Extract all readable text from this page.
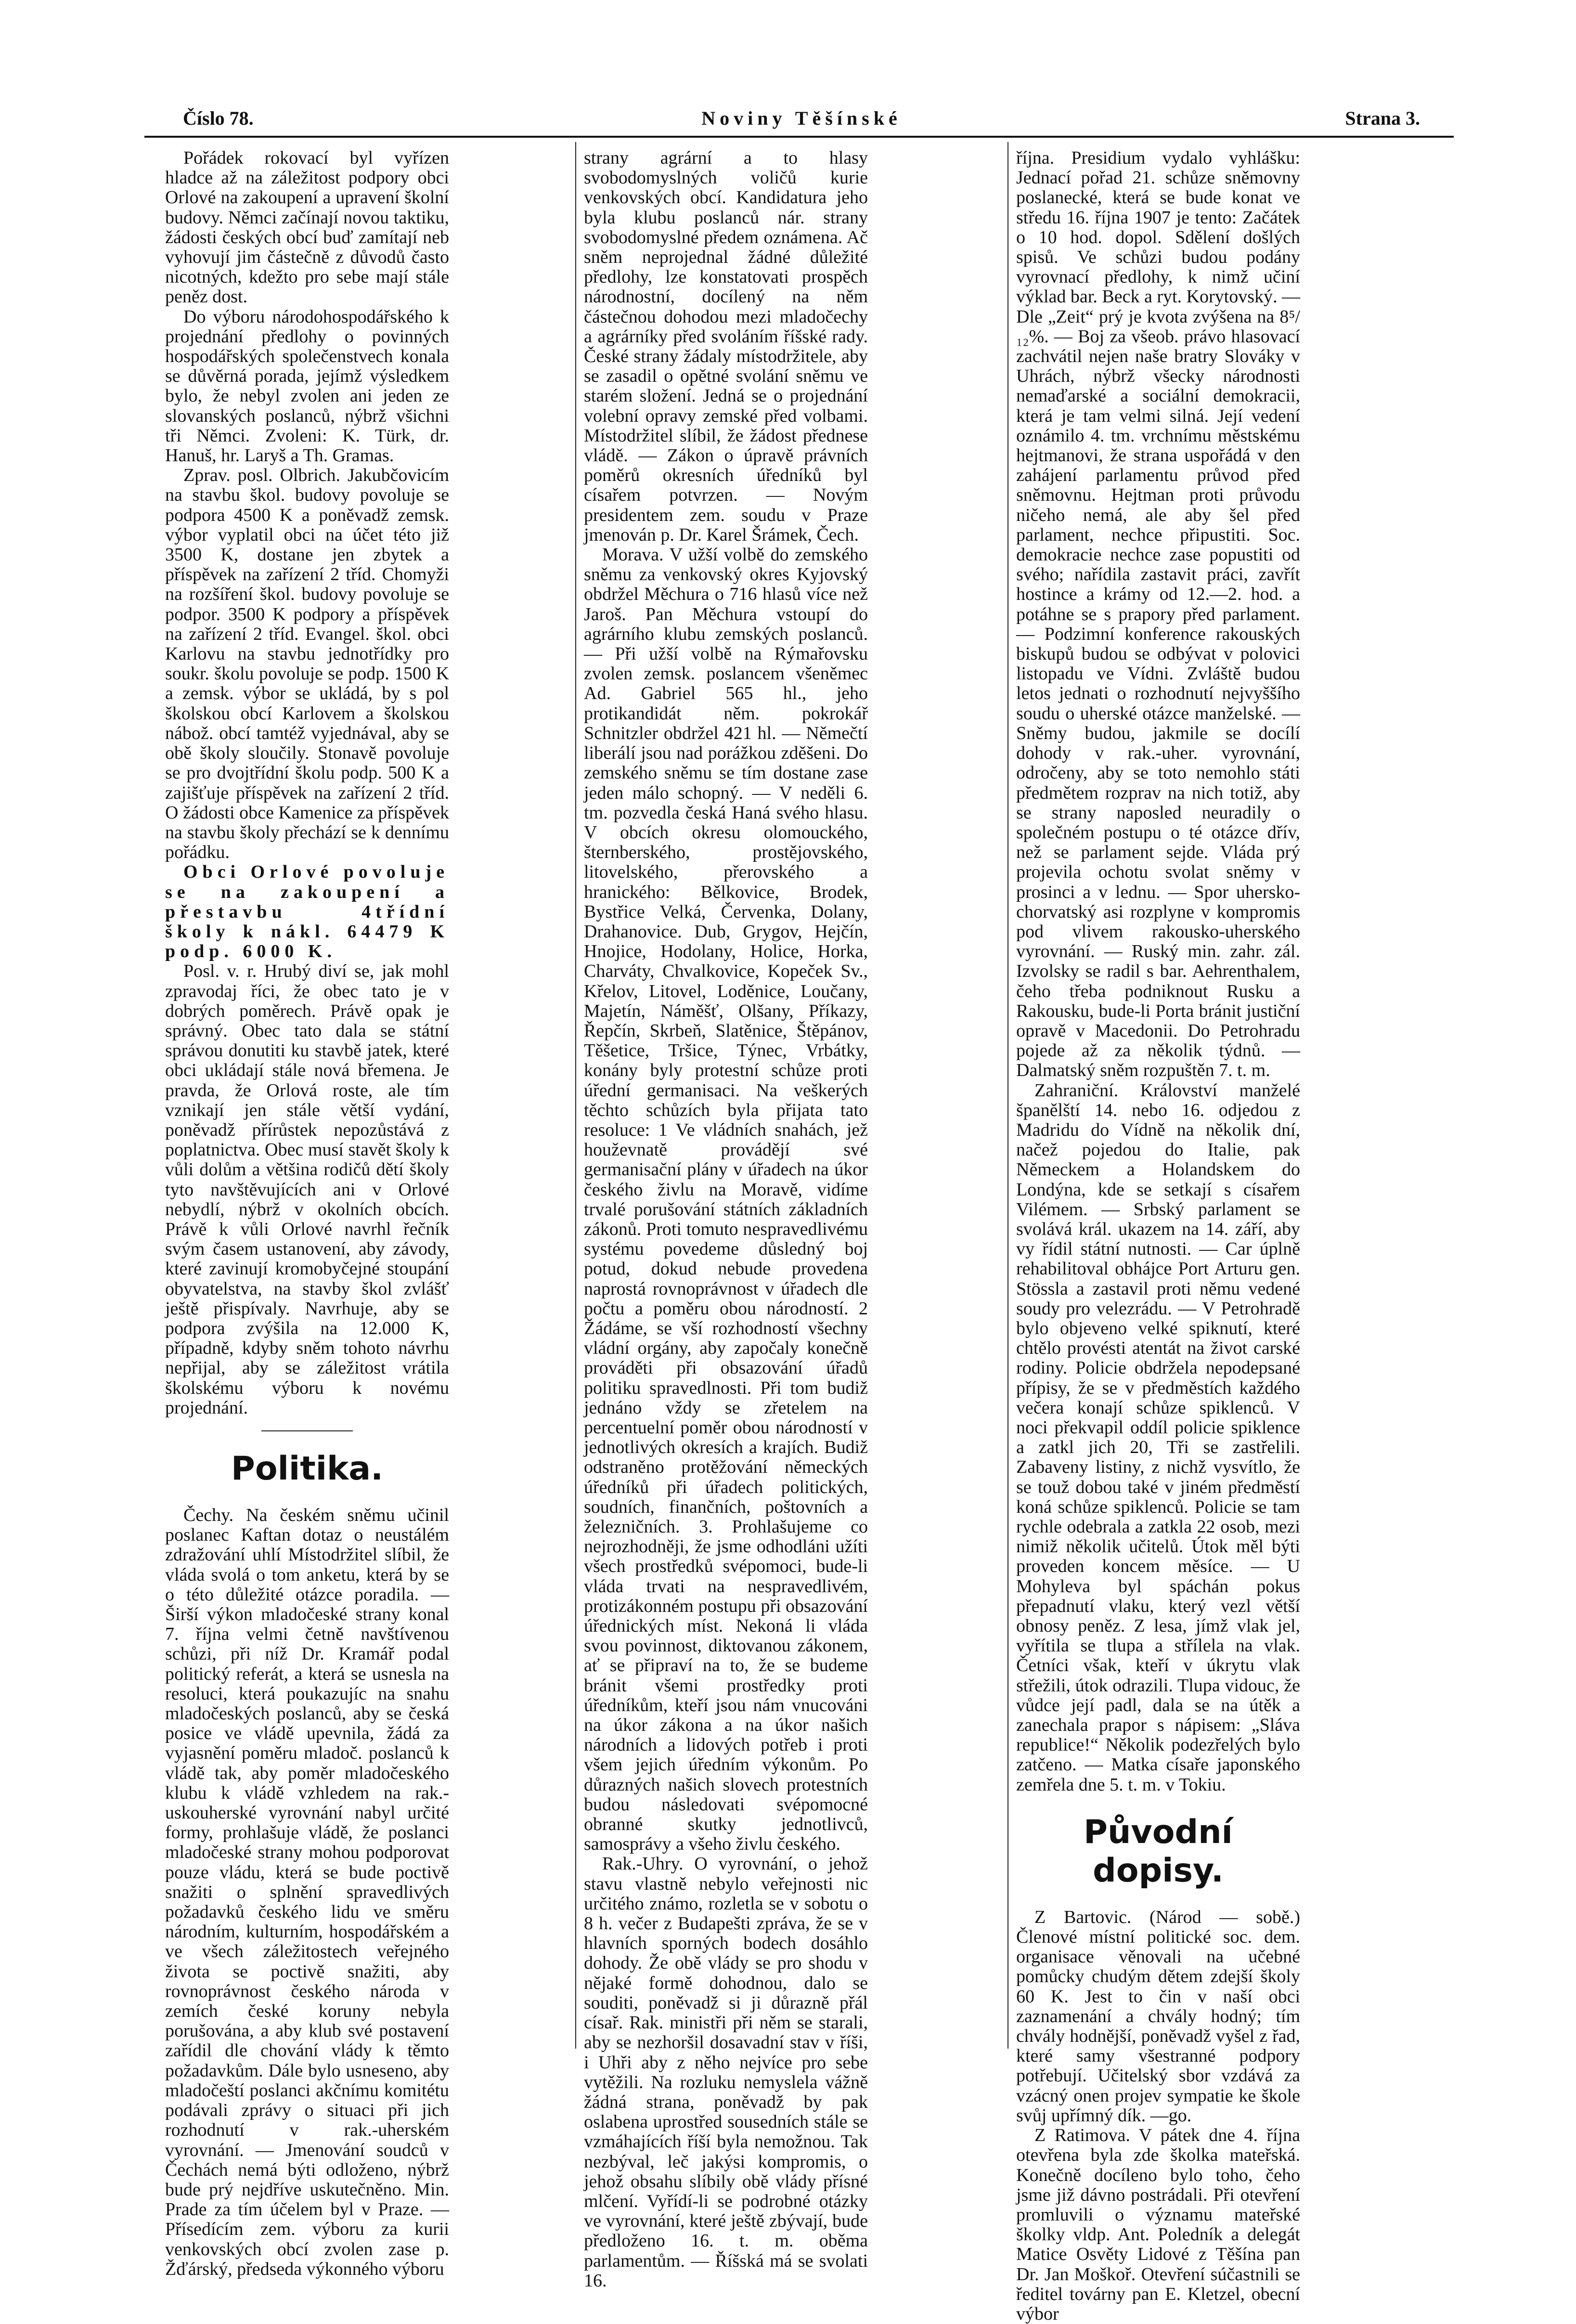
Číslo 78.	Noviny Těšínské	Strana 3.

Pořádek rokovací byl vyřízen hladce až na záležitost podpory obci Orlové na zakoupení a upravení školní budovy. Němci začínají novou taktiku, žádosti českých obcí buď zamítají neb vyhovují jim částečně z důvodů často nicotných, kdežto pro sebe mají stále peněz dost.

Do výboru národohospodářského k projednání předlohy o povinných hospodářských společenstvech konala se důvěrná porada, jejímž výsledkem bylo, že nebyl zvolen ani jeden ze slovanských poslanců, nýbrž všichni tři Němci. Zvoleni: K. Türk, dr. Hanuš, hr. Laryš a Th. Gramas.

Zprav. posl. Olbrich. Jakubčovicím na stavbu škol. budovy povoluje se podpora 4500 K a poněvadž zemsk. výbor vyplatil obci na účet této již 3500 K, dostane jen zbytek a příspěvek na zařízení 2 tříd. Chomyži na rozšíření škol. budovy povoluje se podpor. 3500 K podpory a příspěvek na zařízení 2 tříd. Evangel. škol. obci Karlovu na stavbu jednotřídky pro soukr. školu povoluje se podp. 1500 K a zemsk. výbor se ukládá, by s pol školskou obcí Karlovem a školskou nábož. obcí tamtéž vyjednával, aby se obě školy sloučily. Stonavě povoluje se pro dvojtřídní školu podp. 500 K a zajišťuje příspěvek na zařízení 2 tříd. O žádosti obce Kamenice za příspěvek na stavbu školy přechází se k dennímu pořádku.

Obci Orlové povoluje se na zakoupení a přestavbu 4třídní školy k nákl. 64479 K podp. 6000 K.

Posl. v. r. Hrubý diví se, jak mohl zpravodaj říci, že obec tato je v dobrých poměrech. Právě opak je správný. Obec tato dala se státní správou donutiti ku stavbě jatek, které obci ukládají stále nová břemena. Je pravda, že Orlová roste, ale tím vznikají jen stále větší vydání, poněvadž přírůstek nepozůstává z poplatnictva. Obec musí stavět školy k vůli dolům a většina rodičů dětí školy tyto navštěvujících ani v Orlové nebydlí, nýbrž v okolních obcích. Právě k vůli Orlové navrhl řečník svým časem ustanovení, aby závody, které zavinují kromobyčejné stoupání obyvatelstva, na stavby škol zvlášť ještě přispívaly. Navrhuje, aby se podpora zvýšila na 12.000 K, případně, kdyby sněm tohoto návrhu nepřijal, aby se záležitost vrátila školskému výboru k novému projednání.

Politika.

Čechy. Na českém sněmu učinil poslanec Kaftan dotaz o neustálém zdražování uhlí Místodržitel slíbil, že vláda svolá o tom anketu, která by se o této důležité otázce poradila. — Širší výkon mladočeské strany konal 7. října velmi četně navštívenou schůzi, při níž Dr. Kramář podal politický referát, a která se usnesla na resoluci, která poukazujíc na snahu mladočeských poslanců, aby se česká posice ve vládě upevnila, žádá za vyjasnění poměru mladoč. poslanců k vládě tak, aby poměr mladočeského klubu k vládě vzhledem na rak.-uskouherské vyrovnání nabyl určité formy, prohlašuje vládě, že poslanci mladočeské strany mohou podporovat pouze vládu, která se bude poctivě snažiti o splnění spravedlivých požadavků českého lidu ve směru národním, kulturním, hospodářském a ve všech záležitostech veřejného života se poctivě snažiti, aby rovnoprávnost českého národa v zemích české koruny nebyla porušována, a aby klub své postavení zařídil dle chování vlády k těmto požadavkům. Dále bylo usneseno, aby mladočeští poslanci akčnímu komitétu podávali zprávy o situaci při jich rozhodnutí v rak.-uherském vyrovnání. — Jmenování soudců v Čechách nemá býti odloženo, nýbrž bude prý nejdříve uskutečněno. Min. Prade za tím účelem byl v Praze. — Přísedícím zem. výboru za kurii venkovských obcí zvolen zase p. Žďárský, předseda výkonného výboru

strany agrární a to hlasy svobodomyslných voličů kurie venkovských obcí. Kandidatura jeho byla klubu poslanců nár. strany svobodomyslné předem oznámena. Ač sněm neprojednal žádné důležité předlohy, lze konstatovati prospěch národnostní, docílený na něm částečnou dohodou mezi mladočechy a agrárníky před svoláním říšské rady. České strany žádaly místodržitele, aby se zasadil o opětné svolání sněmu ve starém složení. Jedná se o projednání volební opravy zemské před volbami. Místodržitel slíbil, že žádost přednese vládě. — Zákon o úpravě právních poměrů okresních úředníků byl císařem potvrzen. — Novým presidentem zem. soudu v Praze jmenován p. Dr. Karel Šrámek, Čech.

Morava. V užší volbě do zemského sněmu za venkovský okres Kyjovský obdržel Měchura o 716 hlasů více než Jaroš. Pan Měchura vstoupí do agrárního klubu zemských poslanců. — Při užší volbě na Rýmařovsku zvolen zemsk. poslancem všeněmec Ad. Gabriel 565 hl., jeho protikandidát něm. pokrokář Schnitzler obdržel 421 hl. — Němečtí liberálí jsou nad porážkou zděšeni. Do zemského sněmu se tím dostane zase jeden málo schopný. — V neděli 6. tm. pozvedla česká Haná svého hlasu. V obcích okresu olomouckého, šternberského, prostějovského, litovelského, přerovského a hranického: Bělkovice, Brodek, Bystřice Velká, Červenka, Dolany, Drahanovice. Dub, Grygov, Hejčín, Hnojice, Hodolany, Holice, Horka, Charváty, Chvalkovice, Kopeček Sv., Křelov, Litovel, Loděnice, Loučany, Majetín, Náměšť, Olšany, Příkazy, Řepčín, Skrbeň, Slatěnice, Štěpánov, Těšetice, Tršice, Týnec, Vrbátky, konány byly protestní schůze proti úřední germanisaci. Na veškerých těchto schůzích byla přijata tato resoluce: 1 Ve vládních snahách, jež houževnatě provádějí své germanisační plány v úřadech na úkor českého živlu na Moravě, vidíme trvalé porušování státních základních zákonů. Proti tomuto nespravedlivému systému povedeme důsledný boj potud, dokud nebude provedena naprostá rovnoprávnost v úřadech dle počtu a poměru obou národností. 2 Žádáme, se vší rozhodností všechny vládní orgány, aby započaly konečně prováděti při obsazování úřadů politiku spravedlnosti. Při tom budiž jednáno vždy se zřetelem na percentuelní poměr obou národností v jednotlivých okresích a krajích. Budiž odstraněno protěžování německých úředníků při úřadech politických, soudních, finančních, poštovních a železničních. 3. Prohlašujeme co nejrozhodněji, že jsme odhodláni užíti všech prostředků svépomoci, bude-li vláda trvati na nespravedlivém, protizákonném postupu při obsazování úřednických míst. Nekoná li vláda svou povinnost, diktovanou zákonem, ať se připraví na to, že se budeme bránit všemi prostředky proti úředníkům, kteří jsou nám vnucováni na úkor zákona a na úkor našich národních a lidových potřeb i proti všem jejich úředním výkonům. Po důrazných našich slovech protestních budou následovati svépomocné obranné skutky jednotlivců, samosprávy a všeho živlu českého.

Rak.-Uhry. O vyrovnání, o jehož stavu vlastně nebylo veřejnosti nic určitého známo, rozletla se v sobotu o 8 h. večer z Budapešti zpráva, že se v hlavních sporných bodech dosáhlo dohody. Že obě vlády se pro shodu v nějaké formě dohodnou, dalo se souditi, poněvadž si ji důrazně přál císař. Rak. ministři při něm se starali, aby se nezhoršil dosavadní stav v říši, i Uhři aby z něho nejvíce pro sebe vytěžili. Na rozluku nemyslela vážně žádná strana, poněvadž by pak oslabena uprostřed sousedních stále se vzmáhajících říší byla nemožnou. Tak nezbýval, leč jakýsi kompromis, o jehož obsahu slíbily obě vlády přísné mlčení. Vyřídí-li se podrobné otázky ve vyrovnání, které ještě zbývají, bude předloženo 16. t. m. oběma parlamentům. — Říšská má se svolati 16.

října. Presidium vydalo vyhlášku: Jednací pořad 21. schůze sněmovny poslanecké, která se bude konat ve středu 16. října 1907 je tento: Začátek o 10 hod. dopol. Sdělení došlých spisů. Ve schůzi budou podány vyrovnací předlohy, k nimž učiní výklad bar. Beck a ryt. Korytovský. — Dle „Zeit“ prý je kvota zvýšena na 8⁵/₁₂%. — Boj za všeob. právo hlasovací zachvátil nejen naše bratry Slováky v Uhrách, nýbrž všecky národnosti nemaďarské a sociální demokracii, která je tam velmi silná. Její vedení oznámilo 4. tm. vrchnímu městskému hejtmanovi, že strana uspořádá v den zahájení parlamentu průvod před sněmovnu. Hejtman proti průvodu ničeho nemá, ale aby šel před parlament, nechce připustiti. Soc. demokracie nechce zase popustiti od svého; nařídila zastavit práci, zavřít hostince a krámy od 12.—2. hod. a potáhne se s prapory před parlament. — Podzimní konference rakouských biskupů budou se odbývat v polovici listopadu ve Vídni. Zvláště budou letos jednati o rozhodnutí nejvyššího soudu o uherské otázce manželské. — Sněmy budou, jakmile se docílí dohody v rak.-uher. vyrovnání, odročeny, aby se toto nemohlo státi předmětem rozprav na nich totiž, aby se strany naposled neuradily o společném postupu o té otázce dřív, než se parlament sejde. Vláda prý projevila ochotu svolat sněmy v prosinci a v lednu. — Spor uhersko-chorvatský asi rozplyne v kompromis pod vlivem rakousko-uherského vyrovnání. — Ruský min. zahr. zál. Izvolsky se radil s bar. Aehrenthalem, čeho třeba podniknout Rusku a Rakousku, bude-li Porta bránit justiční opravě v Macedonii. Do Petrohradu pojede až za několik týdnů. — Dalmatský sněm rozpuštěn 7. t. m.

Zahraniční. Království manželé španělští 14. nebo 16. odjedou z Madridu do Vídně na několik dní, načež pojedou do Italie, pak Německem a Holandskem do Londýna, kde se setkají s císařem Vilémem. — Srbský parlament se svolává král. ukazem na 14. září, aby vy řídil státní nutnosti. — Car úplně rehabilitoval obhájce Port Arturu gen. Stössla a zastavil proti němu vedené soudy pro velezrádu. — V Petrohradě bylo objeveno velké spiknutí, které chtělo provésti atentát na život carské rodiny. Policie obdržela nepodepsané přípisy, že se v předměstích každého večera konají schůze spiklenců. V noci překvapil oddíl policie spiklence a zatkl jich 20, Tři se zastřelili. Zabaveny listiny, z nichž vysvítlo, že se touž dobou také v jiném předměstí koná schůze spiklenců. Policie se tam rychle odebrala a zatkla 22 osob, mezi nimiž několik učitelů. Útok měl býti proveden koncem měsíce. — U Mohyleva byl spáchán pokus přepadnutí vlaku, který vezl větší obnosy peněz. Z lesa, jímž vlak jel, vyřítila se tlupa a střílela na vlak. Četníci však, kteří v úkrytu vlak střežili, útok odrazili. Tlupa vidouc, že vůdce její padl, dala se na útěk a zanechala prapor s nápisem: „Sláva republice!“ Několik podezřelých bylo zatčeno. — Matka císaře japonského zemřela dne 5. t. m. v Tokiu.

Původní dopisy.

Z Bartovic. (Národ — sobě.) Členové místní politické soc. dem. organisace věnovali na učebné pomůcky chudým dětem zdejší školy 60 K. Jest to čin v naší obci zaznamenání a chvály hodný; tím chvály hodnější, poněvadž vyšel z řad, které samy všestranné podpory potřebují. Učitelský sbor vzdává za vzácný onen projev sympatie ke škole svůj upřímný dík. —go.

Z Ratimova. V pátek dne 4. října otevřena byla zde školka mateřská. Konečně docíleno bylo toho, čeho jsme již dávno postrádali. Při otevření promluvili o významu mateřské školky vldp. Ant. Poledník a delegát Matice Osvěty Lidové z Těšína pan Dr. Jan Moškoř. Otevření súčastnili se ředitel továrny pan E. Kletzel, obecní výbor
